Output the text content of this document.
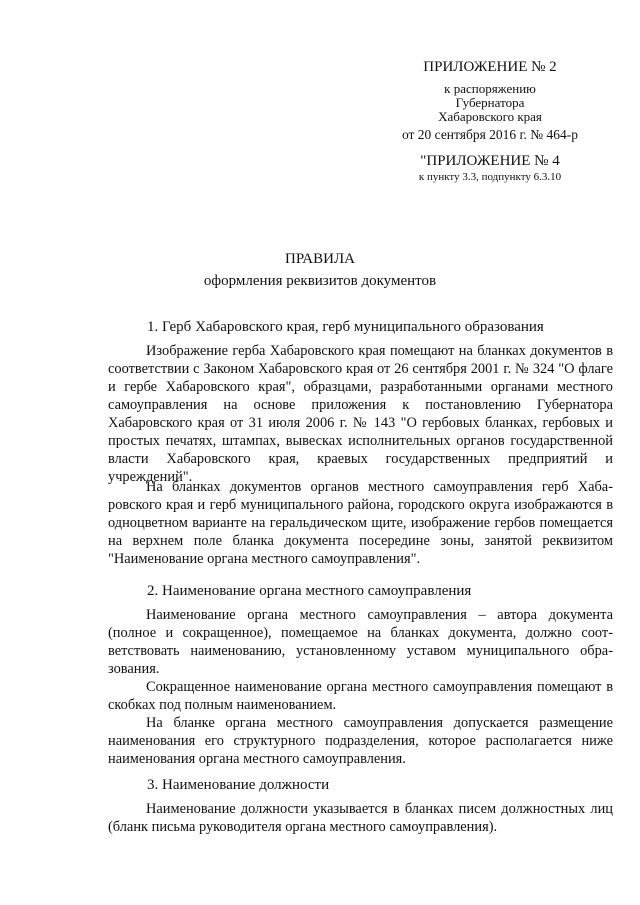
ПРИЛОЖЕНИЕ № 2
к распоряжению
Губернатора
Хабаровского края
от 20 сентября 2016 г. № 464-р
"ПРИЛОЖЕНИЕ № 4
к пункту 3.3, подпункту 6.3.10
ПРАВИЛА
оформления реквизитов документов
1. Герб Хабаровского края, герб муниципального образования

Изображение герба Хабаровского края помещают на бланках документов в соответствии с Законом Хабаровского края от 26 сентября 2001 г. № 324 "О флаге и гербе Хабаровского края", образцами, разработанными органами местного самоуправления на основе приложения к постановлению Губернатора Хабаровского края от 31 июля 2006 г. № 143 "О гербовых бланках, гербовых и простых печатях, штампах, вывесках исполнительных органов государственной власти Хабаровского края, краевых государственных предприятий и учреждений".

На бланках документов органов местного самоуправления герб Хабаровского края и герб муниципального района, городского округа изображаются в одноцветном варианте на геральдическом щите, изображение гербов помещается на верхнем поле бланка документа посередине зоны, занятой реквизитом "Наименование органа местного самоуправления".

2. Наименование органа местного самоуправления

Наименование органа местного самоуправления – автора документа (полное и сокращенное), помещаемое на бланках документа, должно соответствовать наименованию, установленному уставом муниципального образования.

Сокращенное наименование органа местного самоуправления помещают в скобках под полным наименованием.

На бланке органа местного самоуправления допускается размещение наименования его структурного подразделения, которое располагается ниже наименования органа местного самоуправления.

3. Наименование должности

Наименование должности указывается в бланках писем должностных лиц (бланк письма руководителя органа местного самоуправления).
